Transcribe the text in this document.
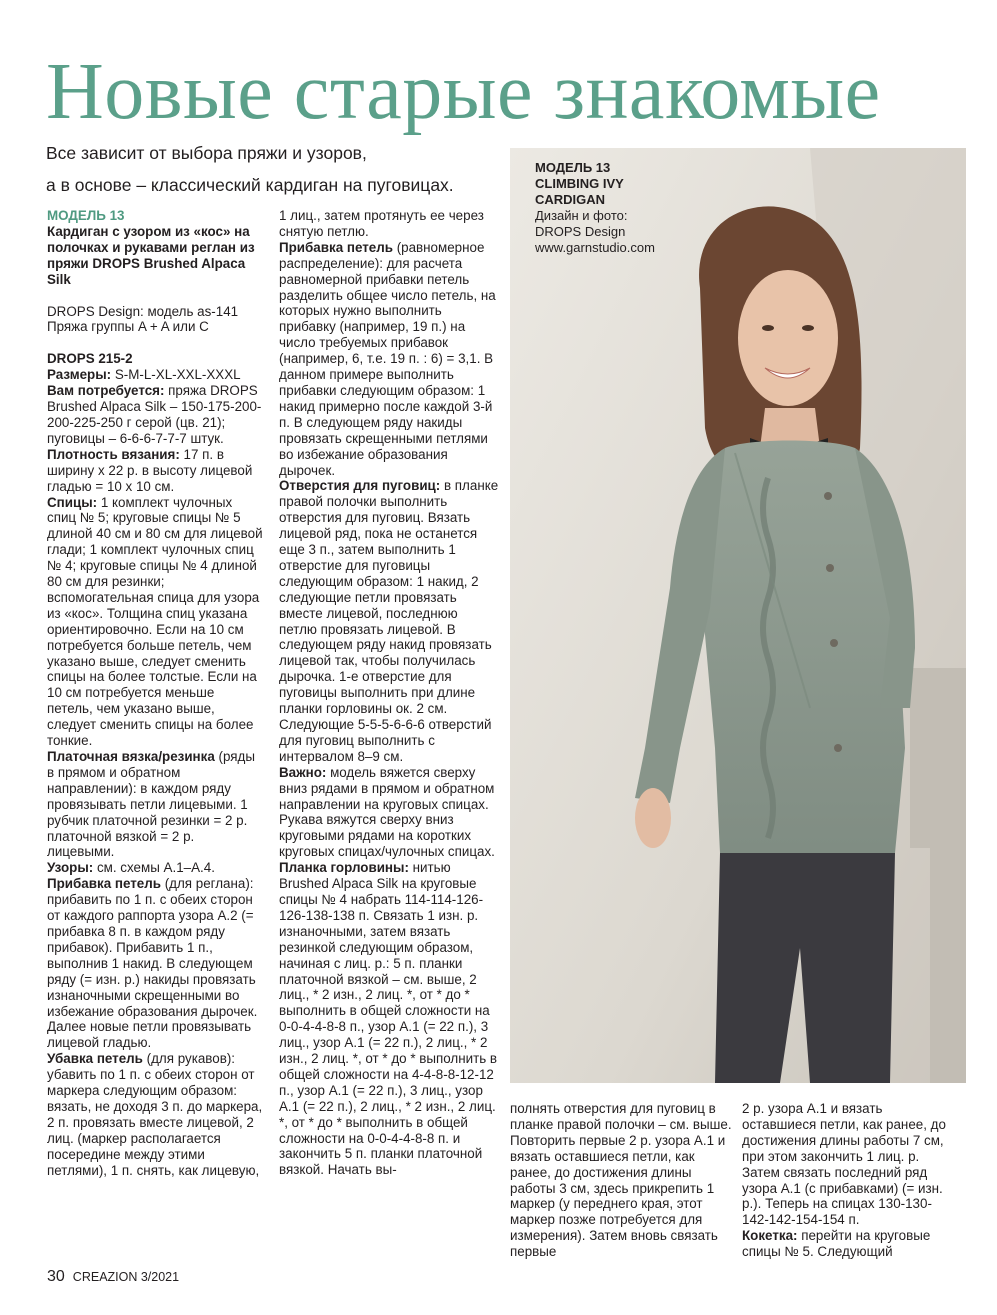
Новые старые знакомые
Все зависит от выбора пряжи и узоров,
а в основе – классический кардиган на пуговицах.

МОДЕЛЬ 13

Кардиган с узором из «кос» на полочках и рукавами реглан из пряжи DROPS Brushed Alpaca Silk

DROPS Design: модель as-141

Пряжа группы A + A или C

DROPS 215-2

Размеры: S-M-L-XL-XXL-XXXL

Вам потребуется: пряжа DROPS Brushed Alpaca Silk – 150-175-200-200-225-250 г серой (цв. 21); пуговицы – 6-6-6-7-7-7 штук.

Плотность вязания: 17 п. в ширину х 22 р. в высоту лицевой гладью = 10 х 10 см.

Спицы: 1 комплект чулочных спиц № 5; круговые спицы № 5 длиной 40 см и 80 см для лицевой глади; 1 комплект чулочных спиц № 4; круговые спицы № 4 длиной 80 см для резинки; вспомогательная спица для узора из «кос». Толщина спиц указана ориентировочно. Если на 10 см потребуется больше петель, чем указано выше, следует сменить спицы на более толстые. Если на 10 см потребуется меньше петель, чем указано выше, следует сменить спицы на более тонкие.

Платочная вязка/резинка (ряды в прямом и обратном направлении): в каждом ряду провязывать петли лицевыми. 1 рубчик платочной резинки = 2 р. платочной вязкой = 2 р. лицевыми.

Узоры: см. схемы А.1–А.4.

Прибавка петель (для реглана): прибавить по 1 п. с обеих сторон от каждого раппорта узора А.2 (= прибавка 8 п. в каждом ряду прибавок). Прибавить 1 п., выполнив 1 накид. В следующем ряду (= изн. р.) накиды провязать изнаночными скрещенными во избежание образования дырочек. Далее новые петли провязывать лицевой гладью.

Убавка петель (для рукавов): убавить по 1 п. с обеих сторон от маркера следующим образом: вязать, не доходя 3 п. до маркера, 2 п. провязать вместе лицевой, 2 лиц. (маркер располагается посередине между этими петлями), 1 п. снять, как лицевую,

1 лиц., затем протянуть ее через снятую петлю.

Прибавка петель (равномерное распределение): для расчета равномерной прибавки петель разделить общее число петель, на которых нужно выполнить прибавку (например, 19 п.) на число требуемых прибавок (например, 6, т.е. 19 п. : 6) = 3,1. В данном примере выполнить прибавки следующим образом: 1 накид примерно после каждой 3-й п. В следующем ряду накиды провязать скрещенными петлями во избежание образования дырочек.

Отверстия для пуговиц: в планке правой полочки выполнить отверстия для пуговиц. Вязать лицевой ряд, пока не останется еще 3 п., затем выполнить 1 отверстие для пуговицы следующим образом: 1 накид, 2 следующие петли провязать вместе лицевой, последнюю петлю провязать лицевой. В следующем ряду накид провязать лицевой так, чтобы получилась дырочка. 1-е отверстие для пуговицы выполнить при длине планки горловины ок. 2 см. Следующие 5-5-5-6-6-6 отверстий для пуговиц выполнить с интервалом 8–9 см.

Важно: модель вяжется сверху вниз рядами в прямом и обратном направлении на круговых спицах. Рукава вяжутся сверху вниз круговыми рядами на коротких круговых спицах/чулочных спицах.

Планка горловины: нитью Brushed Alpaca Silk на круговые спицы № 4 набрать 114-114-126-126-138-138 п. Связать 1 изн. р. изнаночными, затем вязать резинкой следующим образом, начиная с лиц. р.: 5 п. планки платочной вязкой – см. выше, 2 лиц., * 2 изн., 2 лиц. *, от * до * выполнить в общей сложности на 0-0-4-4-8-8 п., узор А.1 (= 22 п.), 3 лиц., узор А.1 (= 22 п.), 2 лиц., * 2 изн., 2 лиц. *, от * до * выполнить в общей сложности на 4-4-8-8-12-12 п., узор А.1 (= 22 п.), 3 лиц., узор А.1 (= 22 п.), 2 лиц., * 2 изн., 2 лиц. *, от * до * выполнить в общей сложности на 0-0-4-4-8-8 п. и закончить 5 п. планки платочной вязкой. Начать вы-

МОДЕЛЬ 13
CLIMBING IVY
CARDIGAN
Дизайн и фото:
DROPS Design
www.garnstudio.com

полнять отверстия для пуговиц в планке правой полочки – см. выше. Повторить первые 2 р. узора А.1 и вязать оставшиеся петли, как ранее, до достижения длины работы 3 см, здесь прикрепить 1 маркер (у переднего края, этот маркер позже потребуется для измерения). Затем вновь связать первые

2 р. узора А.1 и вязать оставшиеся петли, как ранее, до достижения длины работы 7 см, при этом закончить 1 лиц. р. Затем связать последний ряд узора А.1 (с прибавками) (= изн. р.). Теперь на спицах 130-130-142-142-154-154 п.

Кокетка: перейти на круговые спицы № 5. Следующий

30 CREAZION 3/2021
